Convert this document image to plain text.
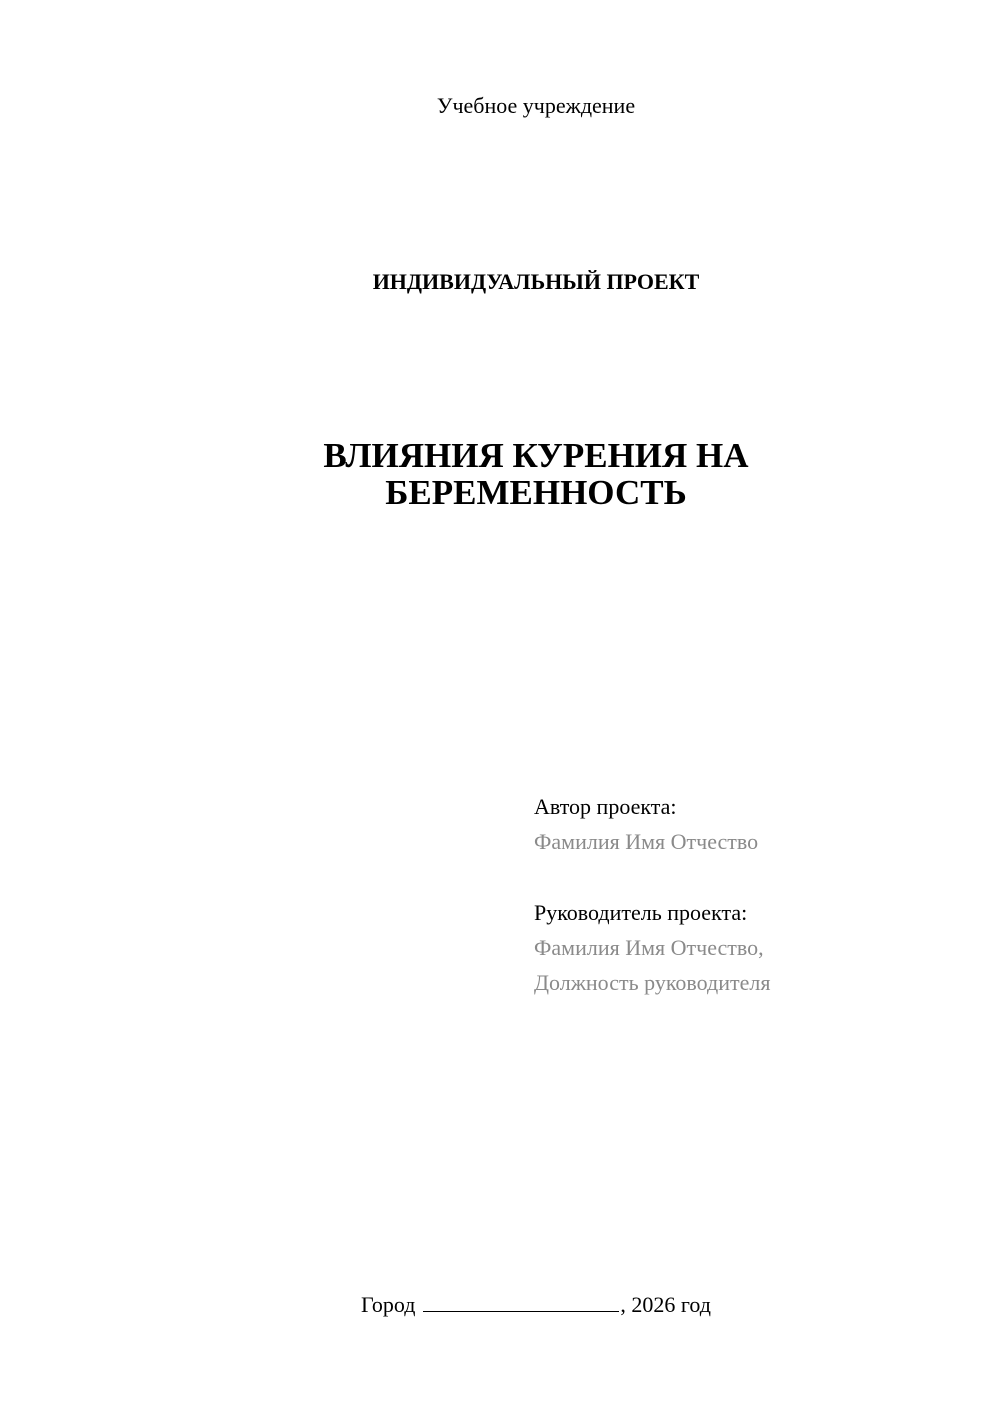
Учебное учреждение
ИНДИВИДУАЛЬНЫЙ ПРОЕКТ
ВЛИЯНИЯ КУРЕНИЯ НА
БЕРЕМЕННОСТЬ
Автор проекта:
Фамилия Имя Отчество
Руководитель проекта:
Фамилия Имя Отчество,
Должность руководителя
Город	, 2026 год
